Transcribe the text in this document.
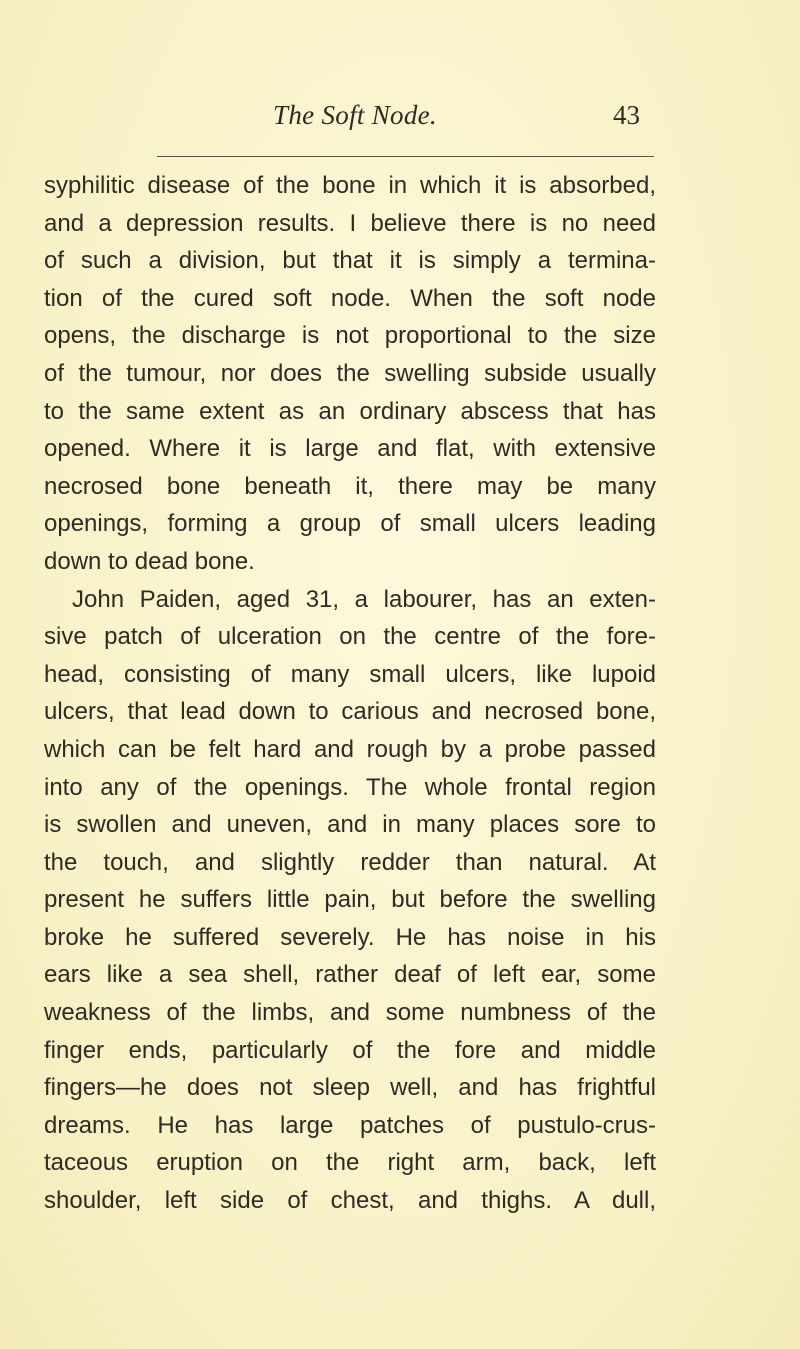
The Soft Node.	43
syphilitic disease of the bone in which it is absorbed,
and a depression results. I believe there is no need
of such a division, but that it is simply a termina-
tion of the cured soft node. When the soft node
opens, the discharge is not proportional to the size
of the tumour, nor does the swelling subside usually
to the same extent as an ordinary abscess that has
opened. Where it is large and flat, with extensive
necrosed bone beneath it, there may be many
openings, forming a group of small ulcers leading
down to dead bone.
John Paiden, aged 31, a labourer, has an exten-
sive patch of ulceration on the centre of the fore-
head, consisting of many small ulcers, like lupoid
ulcers, that lead down to carious and necrosed bone,
which can be felt hard and rough by a probe passed
into any of the openings. The whole frontal region
is swollen and uneven, and in many places sore to
the touch, and slightly redder than natural. At
present he suffers little pain, but before the swelling
broke he suffered severely. He has noise in his
ears like a sea shell, rather deaf of left ear, some
weakness of the limbs, and some numbness of the
finger ends, particularly of the fore and middle
fingers—he does not sleep well, and has frightful
dreams. He has large patches of pustulo-crus-
taceous eruption on the right arm, back, left
shoulder, left side of chest, and thighs. A dull,
